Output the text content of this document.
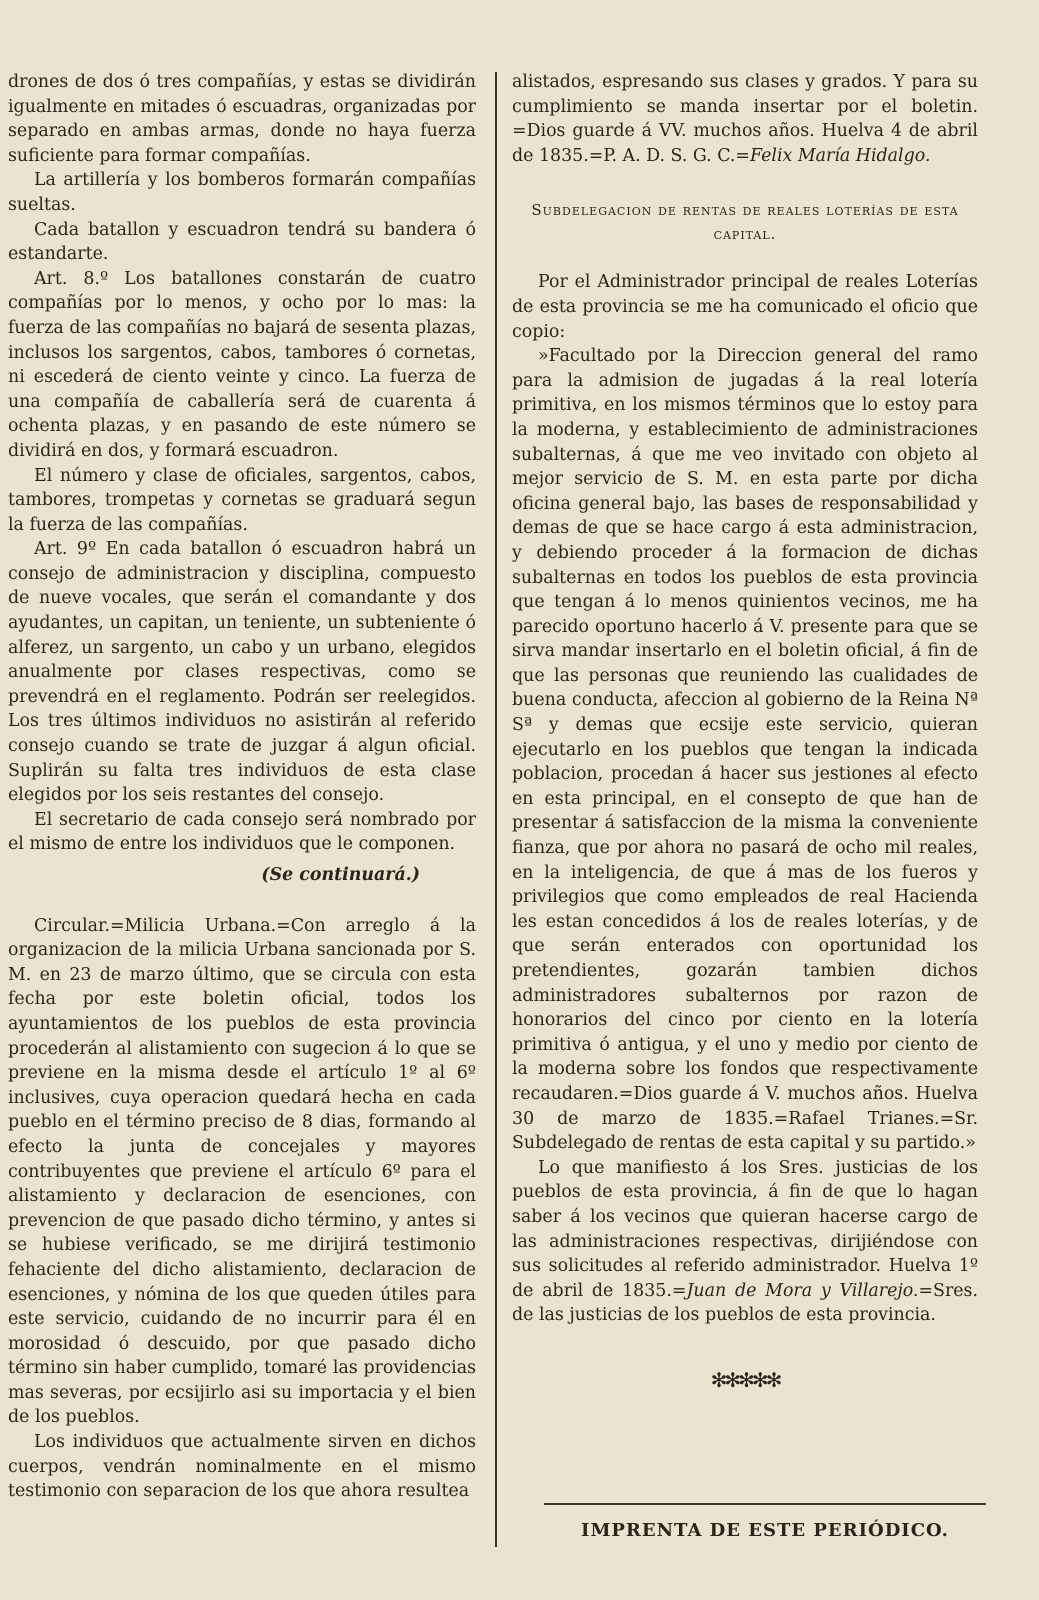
drones de dos ó tres compañías, y estas se dividirán igualmente en mitades ó escuadras, organizadas por separado en ambas armas, donde no haya fuerza suficiente para formar compañías.

La artillería y los bomberos formarán compañías sueltas.

Cada batallon y escuadron tendrá su bandera ó estandarte.

Art. 8.º Los batallones constarán de cuatro compañías por lo menos, y ocho por lo mas: la fuerza de las compañías no bajará de sesenta plazas, inclusos los sargentos, cabos, tambores ó cornetas, ni escederá de ciento veinte y cinco. La fuerza de una compañía de caballería será de cuarenta á ochenta plazas, y en pasando de este número se dividirá en dos, y formará escuadron.

El número y clase de oficiales, sargentos, cabos, tambores, trompetas y cornetas se graduará segun la fuerza de las compañías.

Art. 9º En cada batallon ó escuadron habrá un consejo de administracion y disciplina, compuesto de nueve vocales, que serán el comandante y dos ayudantes, un capitan, un teniente, un subteniente ó alferez, un sargento, un cabo y un urbano, elegidos anualmente por clases respectivas, como se prevendrá en el reglamento. Podrán ser reelegidos. Los tres últimos individuos no asistirán al referido consejo cuando se trate de juzgar á algun oficial. Suplirán su falta tres individuos de esta clase elegidos por los seis restantes del consejo.

El secretario de cada consejo será nombrado por el mismo de entre los individuos que le componen.

(Se continuará.)

Circular.=Milicia Urbana.=Con arreglo á la organizacion de la milicia Urbana sancionada por S. M. en 23 de marzo último, que se circula con esta fecha por este boletin oficial, todos los ayuntamientos de los pueblos de esta provincia procederán al alistamiento con sugecion á lo que se previene en la misma desde el artículo 1º al 6º inclusives, cuya operacion quedará hecha en cada pueblo en el término preciso de 8 dias, formando al efecto la junta de concejales y mayores contribuyentes que previene el artículo 6º para el alistamiento y declaracion de esenciones, con prevencion de que pasado dicho término, y antes si se hubiese verificado, se me dirijirá testimonio fehaciente del dicho alistamiento, declaracion de esenciones, y nómina de los que queden útiles para este servicio, cuidando de no incurrir para él en morosidad ó descuido, por que pasado dicho término sin haber cumplido, tomaré las providencias mas severas, por ecsijirlo asi su importacia y el bien de los pueblos.

Los individuos que actualmente sirven en dichos cuerpos, vendrán nominalmente en el mismo testimonio con separacion de los que ahora resultea

alistados, espresando sus clases y grados. Y para su cumplimiento se manda insertar por el boletin. =Dios guarde á VV. muchos años. Huelva 4 de abril de 1835.=P. A. D. S. G. C.=Felix María Hidalgo.

Subdelegacion de rentas de reales loterías de esta capital.

Por el Administrador principal de reales Loterías de esta provincia se me ha comunicado el oficio que copio:

»Facultado por la Direccion general del ramo para la admision de jugadas á la real lotería primitiva, en los mismos términos que lo estoy para la moderna, y establecimiento de administraciones subalternas, á que me veo invitado con objeto al mejor servicio de S. M. en esta parte por dicha oficina general bajo, las bases de responsabilidad y demas de que se hace cargo á esta administracion, y debiendo proceder á la formacion de dichas subalternas en todos los pueblos de esta provincia que tengan á lo menos quinientos vecinos, me ha parecido oportuno hacerlo á V. presente para que se sirva mandar insertarlo en el boletin oficial, á fin de que las personas que reuniendo las cualidades de buena conducta, afeccion al gobierno de la Reina Nª Sª y demas que ecsije este servicio, quieran ejecutarlo en los pueblos que tengan la indicada poblacion, procedan á hacer sus jestiones al efecto en esta principal, en el consepto de que han de presentar á satisfaccion de la misma la conveniente fianza, que por ahora no pasará de ocho mil reales, en la inteligencia, de que á mas de los fueros y privilegios que como empleados de real Hacienda les estan concedidos á los de reales loterías, y de que serán enterados con oportunidad los pretendientes, gozarán tambien dichos administradores subalternos por razon de honorarios del cinco por ciento en la lotería primitiva ó antigua, y el uno y medio por ciento de la moderna sobre los fondos que respectivamente recaudaren.=Dios guarde á V. muchos años. Huelva 30 de marzo de 1835.=Rafael Trianes.=Sr. Subdelegado de rentas de esta capital y su partido.»

Lo que manifiesto á los Sres. justicias de los pueblos de esta provincia, á fin de que lo hagan saber á los vecinos que quieran hacerse cargo de las administraciones respectivas, dirijiéndose con sus solicitudes al referido administrador. Huelva 1º de abril de 1835.=Juan de Mora y Villarejo.=Sres. de las justicias de los pueblos de esta provincia.

✻✻✻✻✻
IMPRENTA DE ESTE PERIÓDICO.
